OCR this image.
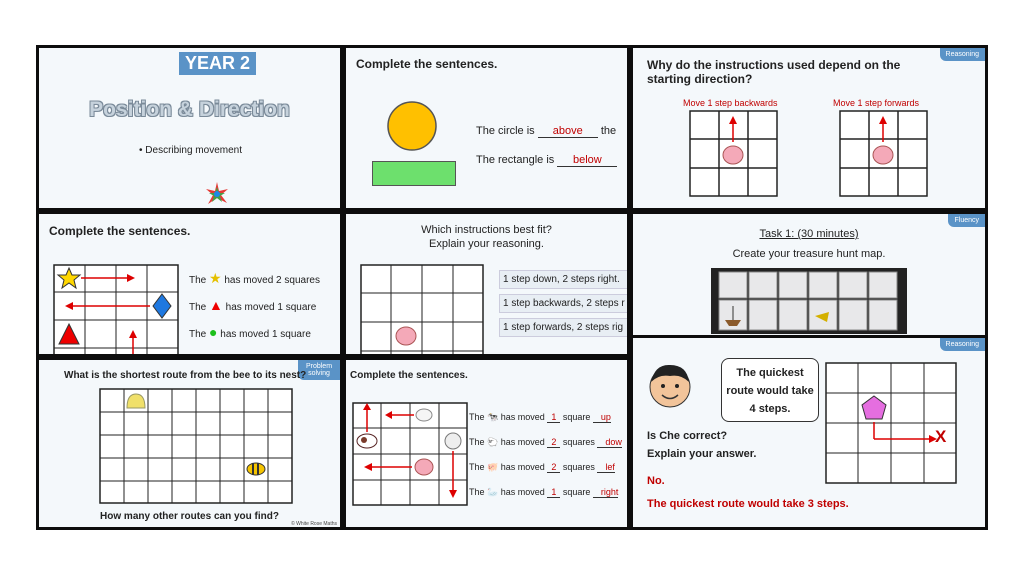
YEAR 2
Position & Direction
• Describing movement
Complete the sentences.
The circle is above the
The rectangle is below
Reasoning
Why do the instructions used depend on the starting direction?
Move 1 step backwards	Move 1 step forwards
Complete the sentences.
The ★ has moved 2 squares
The ▲ has moved 1 square
The ● has moved 1 square
Which instructions best fit?
Explain your reasoning.
1 step down, 2 steps right.
1 step backwards, 2 steps r
1 step forwards, 2 steps rig
Fluency
Task 1: (30 minutes)
Create your treasure hunt map.
Problem solving
What is the shortest route from the bee to its nest?
How many other routes can you find?
© White Rose Maths
Complete the sentences.
The 🐄 has moved 1 square up
The 🐑 has moved 2 squares dow
The 🐖 has moved 2 squares lef
The 🦢 has moved 1 square right
Reasoning
The quickest route would take 4 steps.
Is Che correct?
Explain your answer.
No.
The quickest route would take 3 steps.
X
